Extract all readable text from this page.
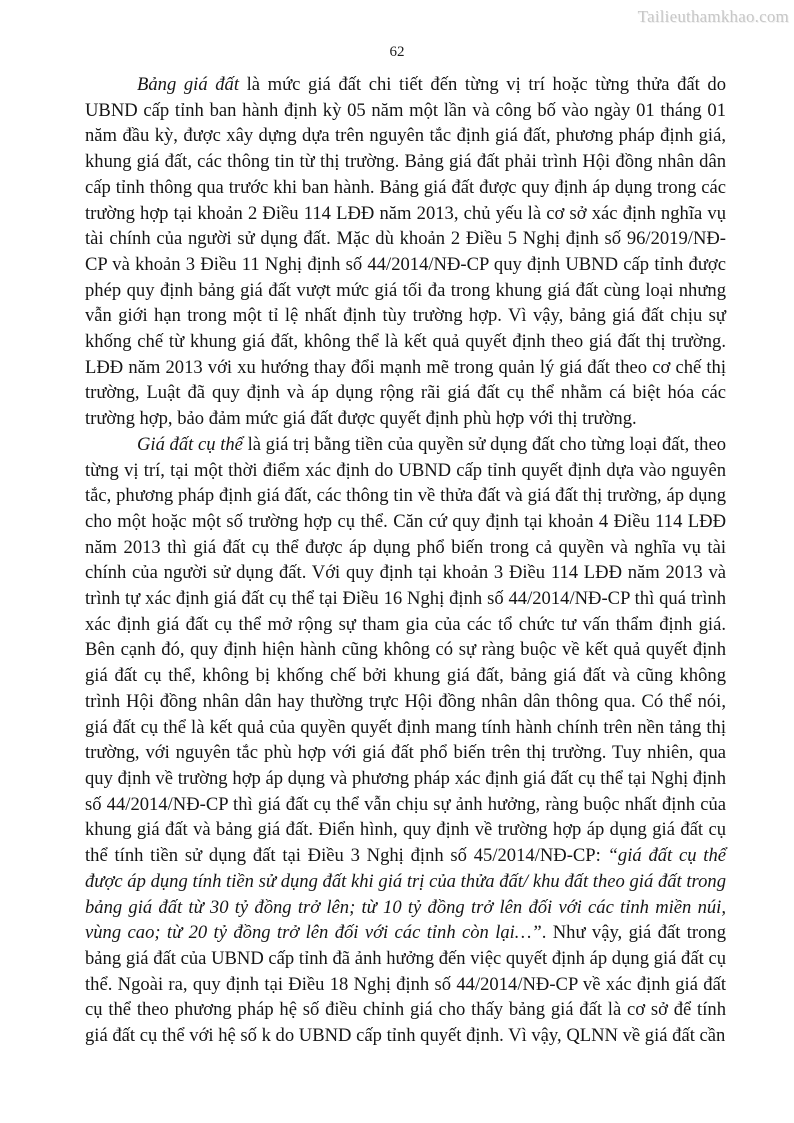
Tailieuthamkhao.com
62

Bảng giá đất là mức giá đất chi tiết đến từng vị trí hoặc từng thửa đất do UBND cấp tỉnh ban hành định kỳ 05 năm một lần và công bố vào ngày 01 tháng 01 năm đầu kỳ, được xây dựng dựa trên nguyên tắc định giá đất, phương pháp định giá, khung giá đất, các thông tin từ thị trường. Bảng giá đất phải trình Hội đồng nhân dân cấp tỉnh thông qua trước khi ban hành. Bảng giá đất được quy định áp dụng trong các trường hợp tại khoản 2 Điều 114 LĐĐ năm 2013, chủ yếu là cơ sở xác định nghĩa vụ tài chính của người sử dụng đất. Mặc dù khoản 2 Điều 5 Nghị định số 96/2019/NĐ-CP và khoản 3 Điều 11 Nghị định số 44/2014/NĐ-CP quy định UBND cấp tỉnh được phép quy định bảng giá đất vượt mức giá tối đa trong khung giá đất cùng loại nhưng vẫn giới hạn trong một tỉ lệ nhất định tùy trường hợp. Vì vậy, bảng giá đất chịu sự khống chế từ khung giá đất, không thể là kết quả quyết định theo giá đất thị trường. LĐĐ năm 2013 với xu hướng thay đổi mạnh mẽ trong quản lý giá đất theo cơ chế thị trường, Luật đã quy định và áp dụng rộng rãi giá đất cụ thể nhằm cá biệt hóa các trường hợp, bảo đảm mức giá đất được quyết định phù hợp với thị trường.

Giá đất cụ thể là giá trị bằng tiền của quyền sử dụng đất cho từng loại đất, theo từng vị trí, tại một thời điểm xác định do UBND cấp tỉnh quyết định dựa vào nguyên tắc, phương pháp định giá đất, các thông tin về thửa đất và giá đất thị trường, áp dụng cho một hoặc một số trường hợp cụ thể. Căn cứ quy định tại khoản 4 Điều 114 LĐĐ năm 2013 thì giá đất cụ thể được áp dụng phổ biến trong cả quyền và nghĩa vụ tài chính của người sử dụng đất. Với quy định tại khoản 3 Điều 114 LĐĐ năm 2013 và trình tự xác định giá đất cụ thể tại Điều 16 Nghị định số 44/2014/NĐ-CP thì quá trình xác định giá đất cụ thể mở rộng sự tham gia của các tổ chức tư vấn thẩm định giá. Bên cạnh đó, quy định hiện hành cũng không có sự ràng buộc về kết quả quyết định giá đất cụ thể, không bị khống chế bởi khung giá đất, bảng giá đất và cũng không trình Hội đồng nhân dân hay thường trực Hội đồng nhân dân thông qua. Có thể nói, giá đất cụ thể là kết quả của quyền quyết định mang tính hành chính trên nền tảng thị trường, với nguyên tắc phù hợp với giá đất phổ biến trên thị trường. Tuy nhiên, qua quy định về trường hợp áp dụng và phương pháp xác định giá đất cụ thể tại Nghị định số 44/2014/NĐ-CP thì giá đất cụ thể vẫn chịu sự ảnh hưởng, ràng buộc nhất định của khung giá đất và bảng giá đất. Điển hình, quy định về trường hợp áp dụng giá đất cụ thể tính tiền sử dụng đất tại Điều 3 Nghị định số 45/2014/NĐ-CP: “giá đất cụ thể được áp dụng tính tiền sử dụng đất khi giá trị của thửa đất/ khu đất theo giá đất trong bảng giá đất từ 30 tỷ đồng trở lên; từ 10 tỷ đồng trở lên đối với các tỉnh miền núi, vùng cao; từ 20 tỷ đồng trở lên đối với các tỉnh còn lại…”. Như vậy, giá đất trong bảng giá đất của UBND cấp tỉnh đã ảnh hưởng đến việc quyết định áp dụng giá đất cụ thể. Ngoài ra, quy định tại Điều 18 Nghị định số 44/2014/NĐ-CP về xác định giá đất cụ thể theo phương pháp hệ số điều chỉnh giá cho thấy bảng giá đất là cơ sở để tính giá đất cụ thể với hệ số k do UBND cấp tỉnh quyết định. Vì vậy, QLNN về giá đất cần
